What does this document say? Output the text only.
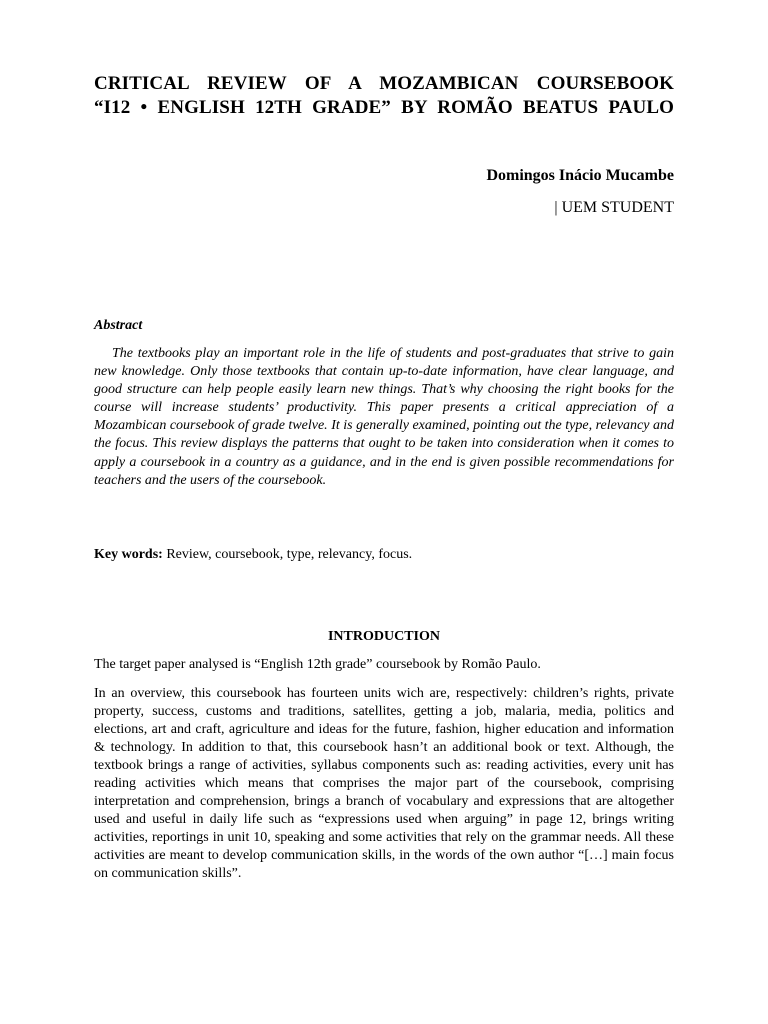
CRITICAL REVIEW OF A MOZAMBICAN COURSEBOOK
“I12 • ENGLISH 12TH GRADE” BY ROMÃO BEATUS PAULO
Domingos Inácio Mucambe
| UEM STUDENT
Abstract

The textbooks play an important role in the life of students and post-graduates that strive to gain new knowledge. Only those textbooks that contain up-to-date information, have clear language, and good structure can help people easily learn new things. That’s why choosing the right books for the course will increase students’ productivity. This paper presents a critical appreciation of a Mozambican coursebook of grade twelve. It is generally examined, pointing out the type, relevancy and the focus. This review displays the patterns that ought to be taken into consideration when it comes to apply a coursebook in a country as a guidance, and in the end is given possible recommendations for teachers and the users of the coursebook.

Key words: Review, coursebook, type, relevancy, focus.

INTRODUCTION

The target paper analysed is “English 12th grade” coursebook by Romão Paulo.

In an overview, this coursebook has fourteen units wich are, respectively: children’s rights, private property, success, customs and traditions, satellites, getting a job, malaria, media, politics and elections, art and craft, agriculture and ideas for the future, fashion, higher education and information & technology. In addition to that, this coursebook hasn’t an additional book or text. Although, the textbook brings a range of activities, syllabus components such as: reading activities, every unit has reading activities which means that comprises the major part of the coursebook, comprising interpretation and comprehension, brings a branch of vocabulary and expressions that are altogether used and useful in daily life such as “expressions used when arguing” in page 12, brings writing activities, reportings in unit 10, speaking and some activities that rely on the grammar needs. All these activities are meant to develop communication skills, in the words of the own author “[…] main focus on communication skills”.
